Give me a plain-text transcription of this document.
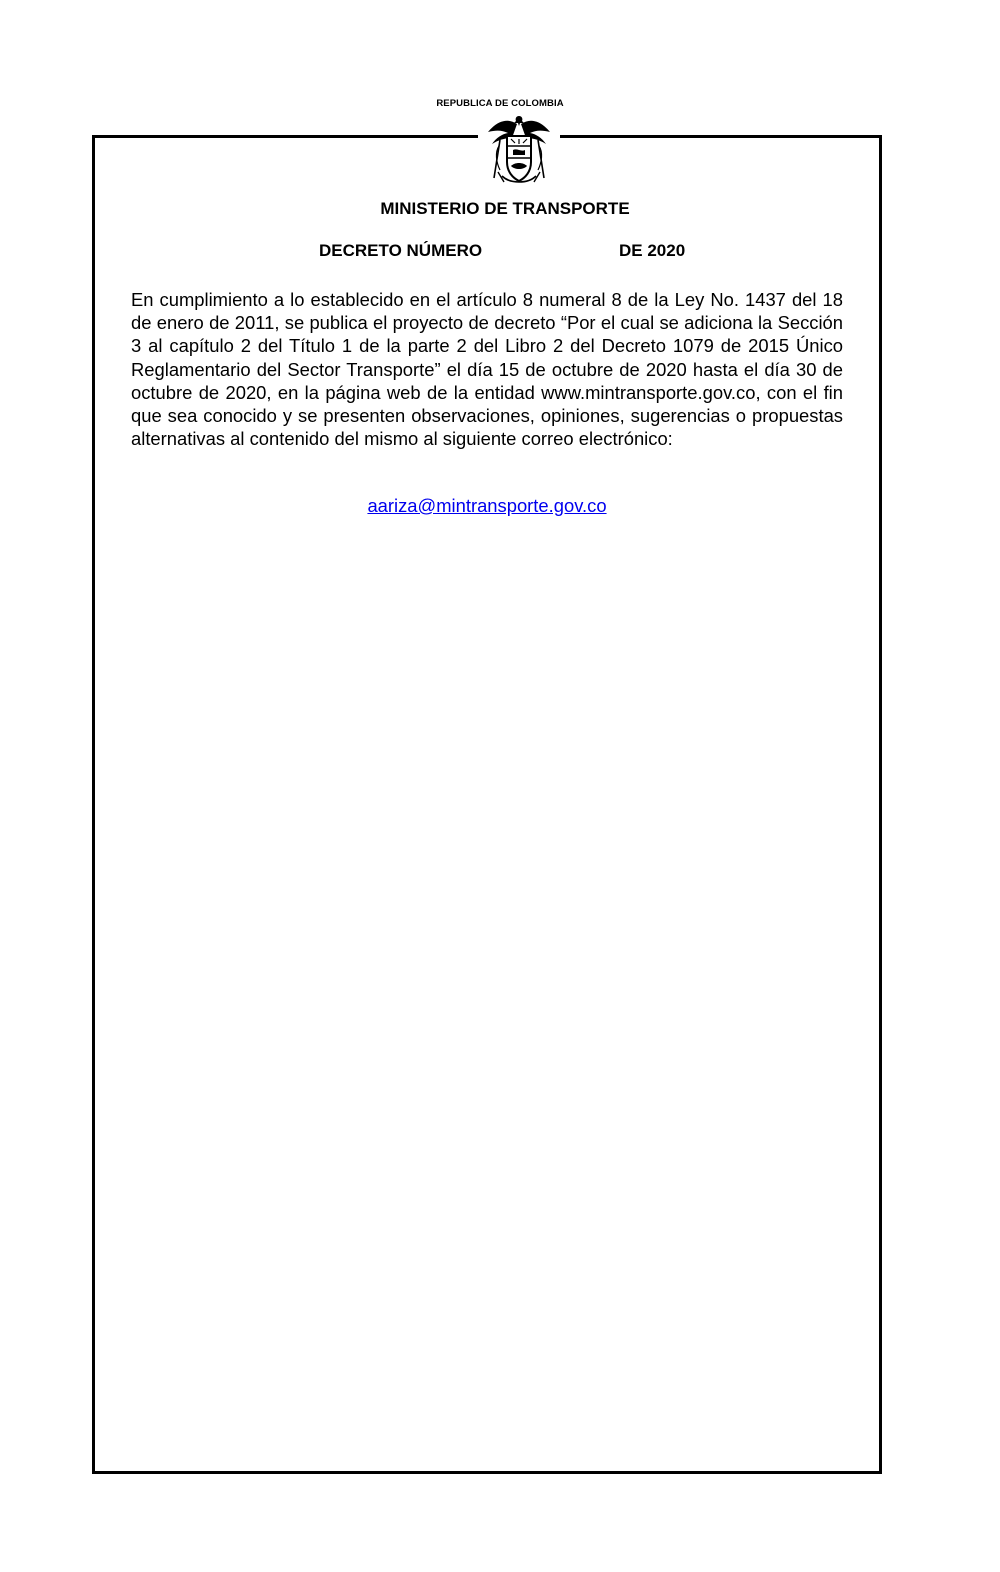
REPUBLICA DE COLOMBIA
MINISTERIO DE TRANSPORTE
DECRETO NÚMERO	DE 2020
En cumplimiento a lo establecido en el artículo 8 numeral 8 de la Ley No. 1437 del 18 de enero de 2011, se publica el proyecto de decreto “Por el cual se adiciona la Sección 3 al capítulo 2 del Título 1 de la parte 2 del Libro 2 del Decreto 1079 de 2015 Único Reglamentario del Sector Transporte” el día 15 de octubre de 2020 hasta el día 30 de octubre de 2020, en la página web de la entidad www.mintransporte.gov.co, con el fin que sea conocido y se presenten observaciones, opiniones, sugerencias o propuestas alternativas al contenido del mismo al siguiente correo electrónico:
aariza@mintransporte.gov.co
